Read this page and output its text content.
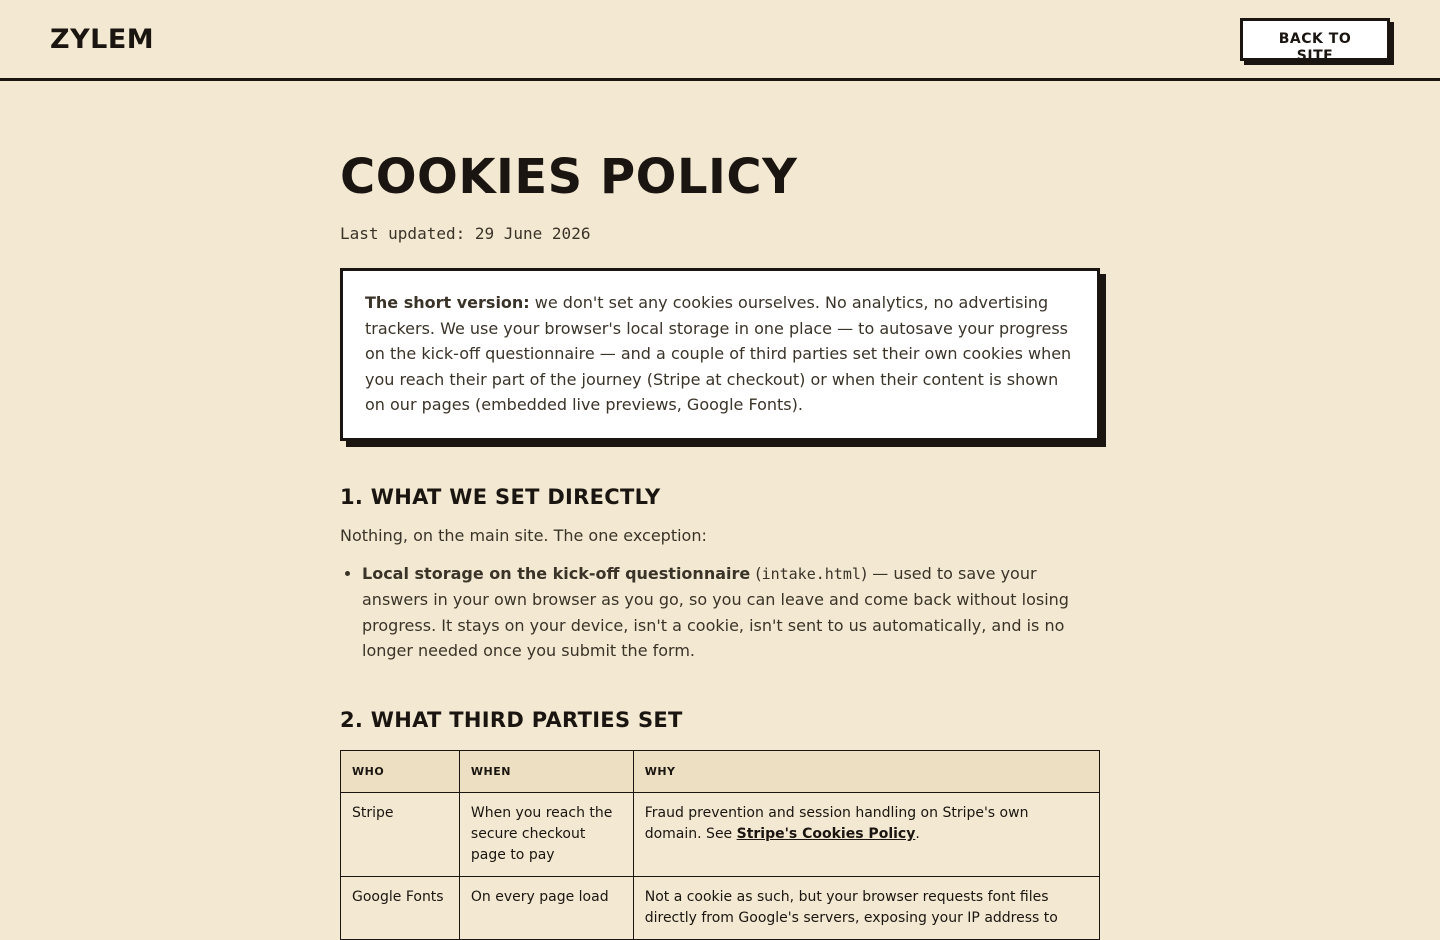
ZYLEM	BACK TO SITE
COOKIES POLICY
Last updated: 29 June 2026
The short version: we don't set any cookies ourselves. No analytics, no advertising trackers. We use your browser's local storage in one place — to autosave your progress on the kick-off questionnaire — and a couple of third parties set their own cookies when you reach their part of the journey (Stripe at checkout) or when their content is shown on our pages (embedded live previews, Google Fonts).
1. WHAT WE SET DIRECTLY

Nothing, on the main site. The one exception:

• Local storage on the kick-off questionnaire (intake.html) — used to save your answers in your own browser as you go, so you can leave and come back without losing progress. It stays on your device, isn't a cookie, isn't sent to us automatically, and is no longer needed once you submit the form.
2. WHAT THIRD PARTIES SET
WHO	WHEN	WHY
Stripe	When you reach the secure checkout page to pay	Fraud prevention and session handling on Stripe's own domain. See Stripe's Cookies Policy.
Google Fonts	On every page load	Not a cookie as such, but your browser requests font files directly from Google's servers, exposing your IP address to
